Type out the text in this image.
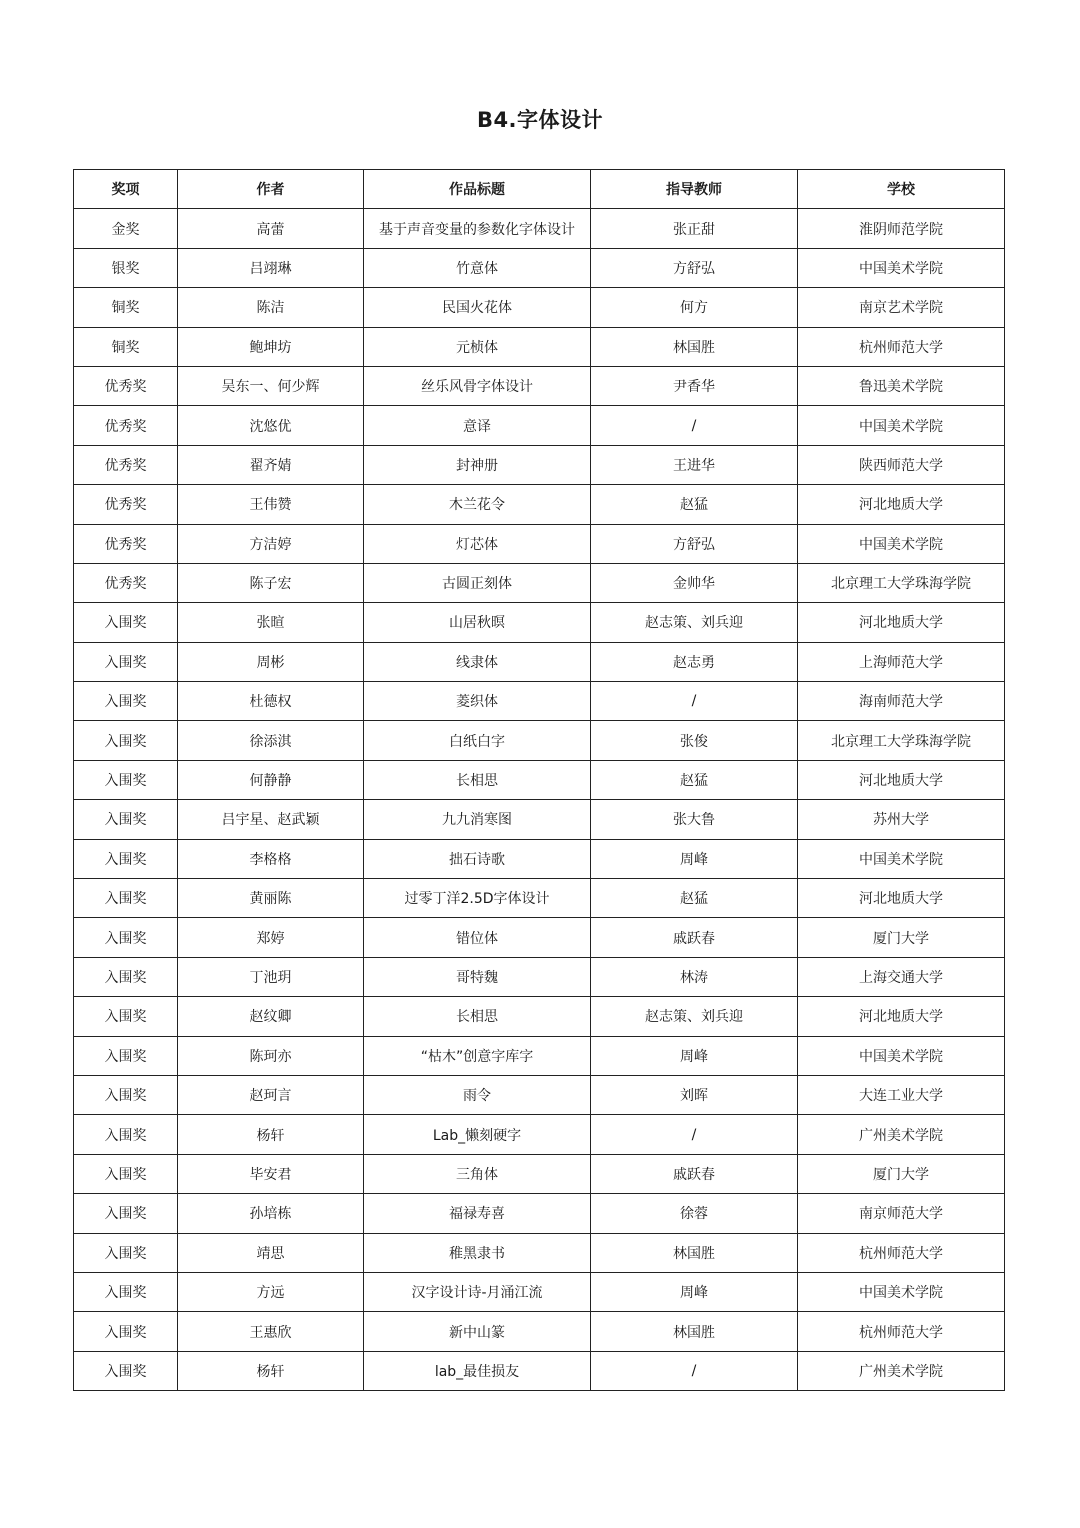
B4.字体设计
奖项	作者	作品标题	指导教师	学校
金奖	高蕾	基于声音变量的参数化字体设计	张正甜	淮阴师范学院
银奖	吕翊琳	竹意体	方舒弘	中国美术学院
铜奖	陈洁	民国火花体	何方	南京艺术学院
铜奖	鲍坤坊	元桢体	林国胜	杭州师范大学
优秀奖	吴东一、何少辉	丝乐风骨字体设计	尹香华	鲁迅美术学院
优秀奖	沈悠优	意译	/	中国美术学院
优秀奖	翟齐婧	封神册	王进华	陕西师范大学
优秀奖	王伟赞	木兰花令	赵猛	河北地质大学
优秀奖	方洁婷	灯芯体	方舒弘	中国美术学院
优秀奖	陈子宏	古圆正刻体	金帅华	北京理工大学珠海学院
入围奖	张暄	山居秋暝	赵志策、刘兵迎	河北地质大学
入围奖	周彬	线隶体	赵志勇	上海师范大学
入围奖	杜德权	菱织体	/	海南师范大学
入围奖	徐添淇	白纸白字	张俊	北京理工大学珠海学院
入围奖	何静静	长相思	赵猛	河北地质大学
入围奖	吕宇星、赵武颖	九九消寒图	张大鲁	苏州大学
入围奖	李格格	拙石诗歌	周峰	中国美术学院
入围奖	黄丽陈	过零丁洋2.5D字体设计	赵猛	河北地质大学
入围奖	郑婷	错位体	戚跃春	厦门大学
入围奖	丁池玥	哥特魏	林涛	上海交通大学
入围奖	赵纹卿	长相思	赵志策、刘兵迎	河北地质大学
入围奖	陈珂亦	“枯木”创意字库字	周峰	中国美术学院
入围奖	赵珂言	雨令	刘晖	大连工业大学
入围奖	杨轩	Lab_懒刻硬字	/	广州美术学院
入围奖	毕安君	三角体	戚跃春	厦门大学
入围奖	孙培栋	福禄寿喜	徐蓉	南京师范大学
入围奖	靖思	稚黑隶书	林国胜	杭州师范大学
入围奖	方远	汉字设计诗-月涌江流	周峰	中国美术学院
入围奖	王惠欣	新中山篆	林国胜	杭州师范大学
入围奖	杨轩	lab_最佳损友	/	广州美术学院
